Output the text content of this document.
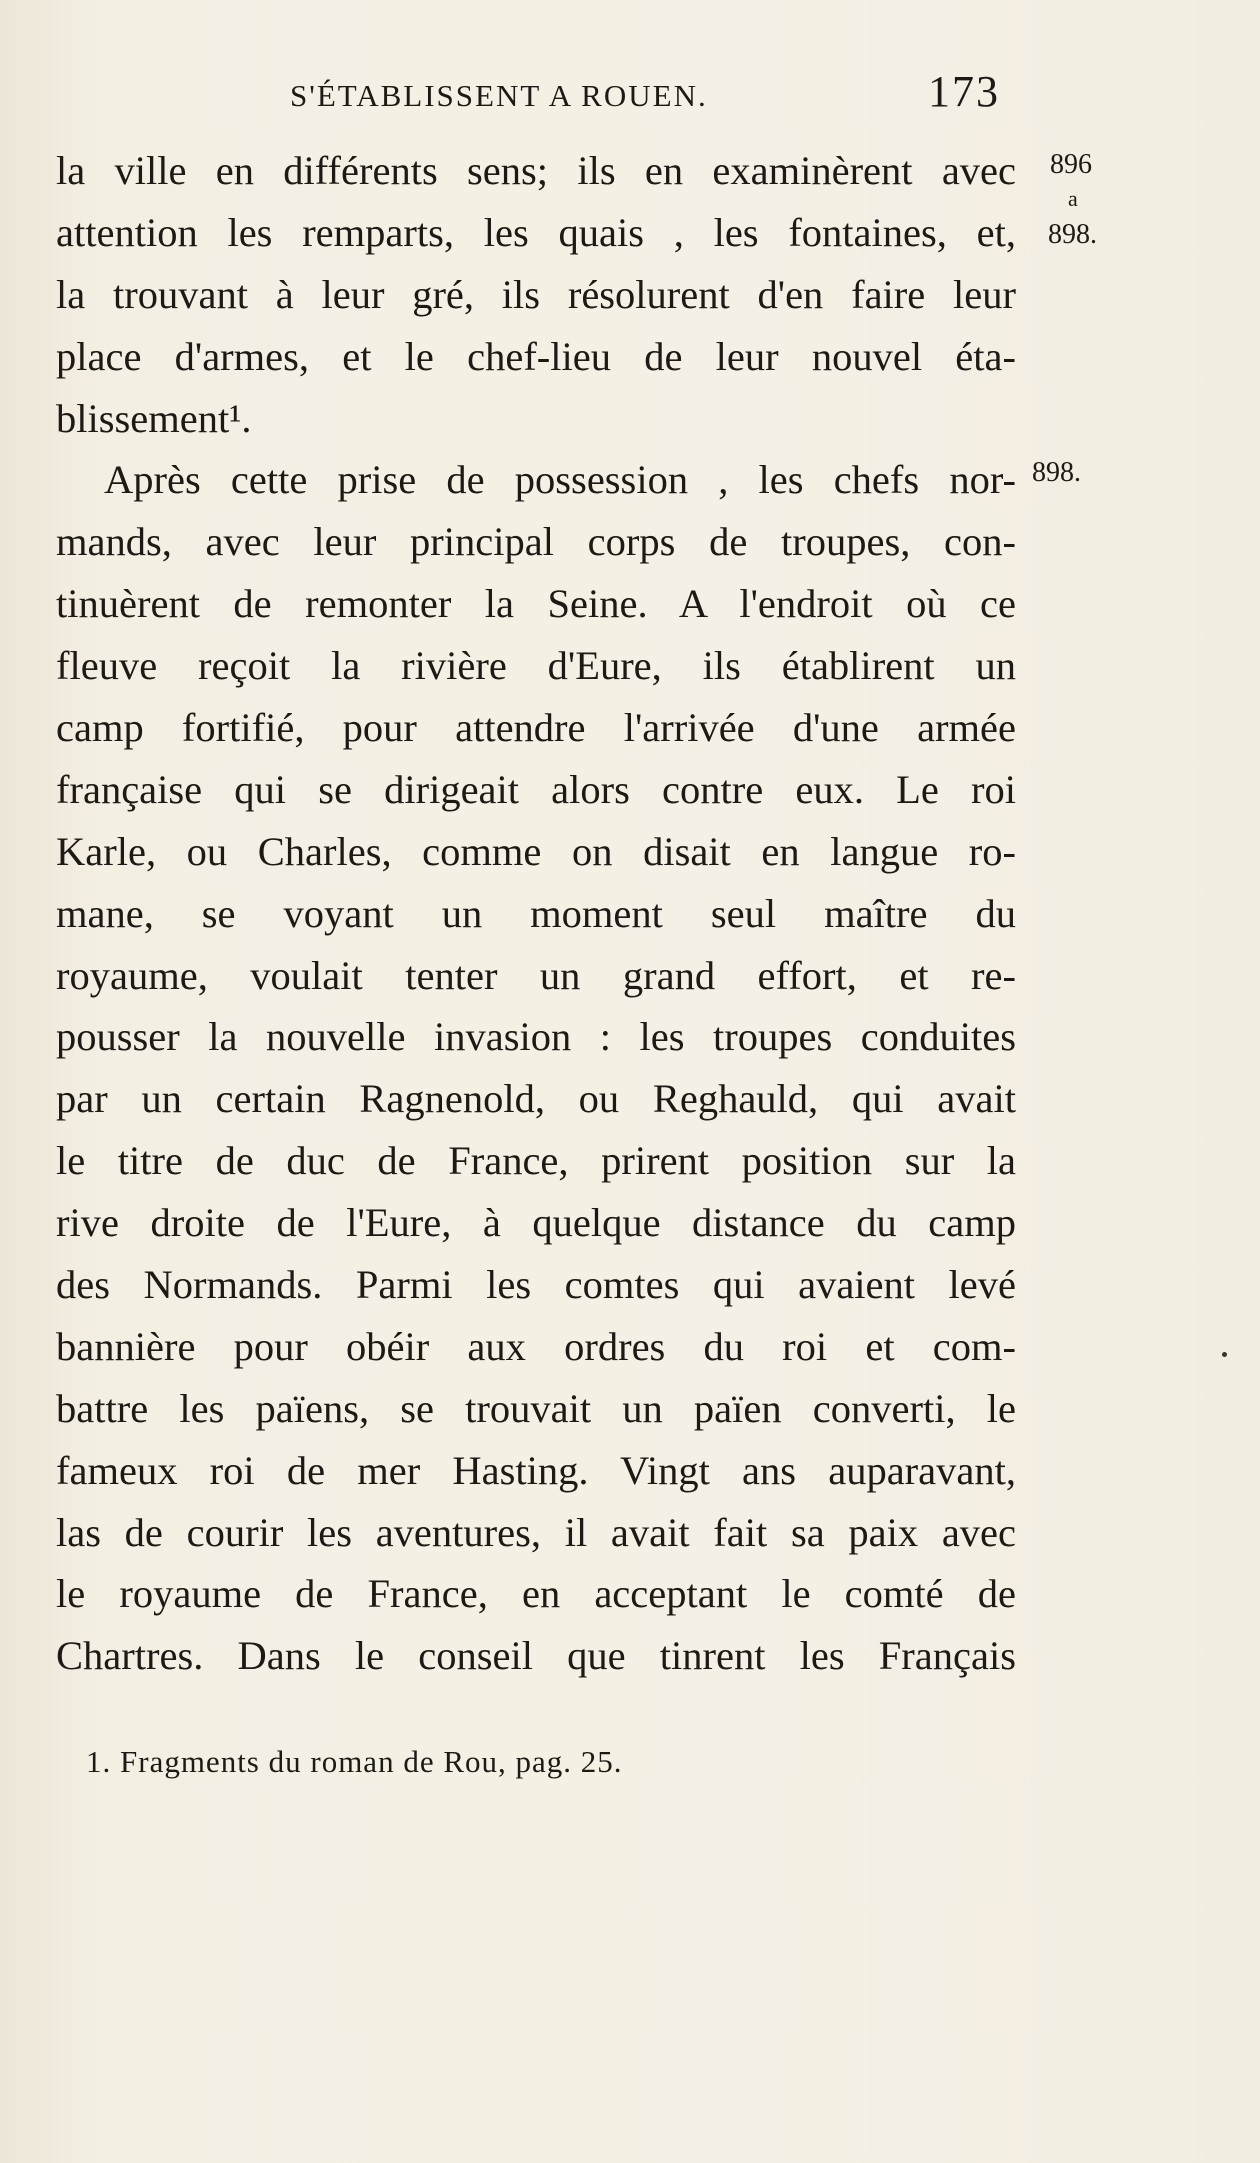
S'ÉTABLISSENT A ROUEN.	173
la ville en différents sens; ils en examinèrent avec
attention les remparts, les quais , les fontaines, et,
la trouvant à leur gré, ils résolurent d'en faire leur
place d'armes, et le chef-lieu de leur nouvel éta-
blissement¹.
Après cette prise de possession , les chefs nor-
mands, avec leur principal corps de troupes, con-
tinuèrent de remonter la Seine. A l'endroit où ce
fleuve reçoit la rivière d'Eure, ils établirent un
camp fortifié, pour attendre l'arrivée d'une armée
française qui se dirigeait alors contre eux. Le roi
Karle, ou Charles, comme on disait en langue ro-
mane, se voyant un moment seul maître du
royaume, voulait tenter un grand effort, et re-
pousser la nouvelle invasion : les troupes conduites
par un certain Ragnenold, ou Reghauld, qui avait
le titre de duc de France, prirent position sur la
rive droite de l'Eure, à quelque distance du camp
des Normands. Parmi les comtes qui avaient levé
bannière pour obéir aux ordres du roi et com-
battre les païens, se trouvait un païen converti, le
fameux roi de mer Hasting. Vingt ans auparavant,
las de courir les aventures, il avait fait sa paix avec
le royaume de France, en acceptant le comté de
Chartres. Dans le conseil que tinrent les Français
896
a
898.
898.
1. Fragments du roman de Rou, pag. 25.
